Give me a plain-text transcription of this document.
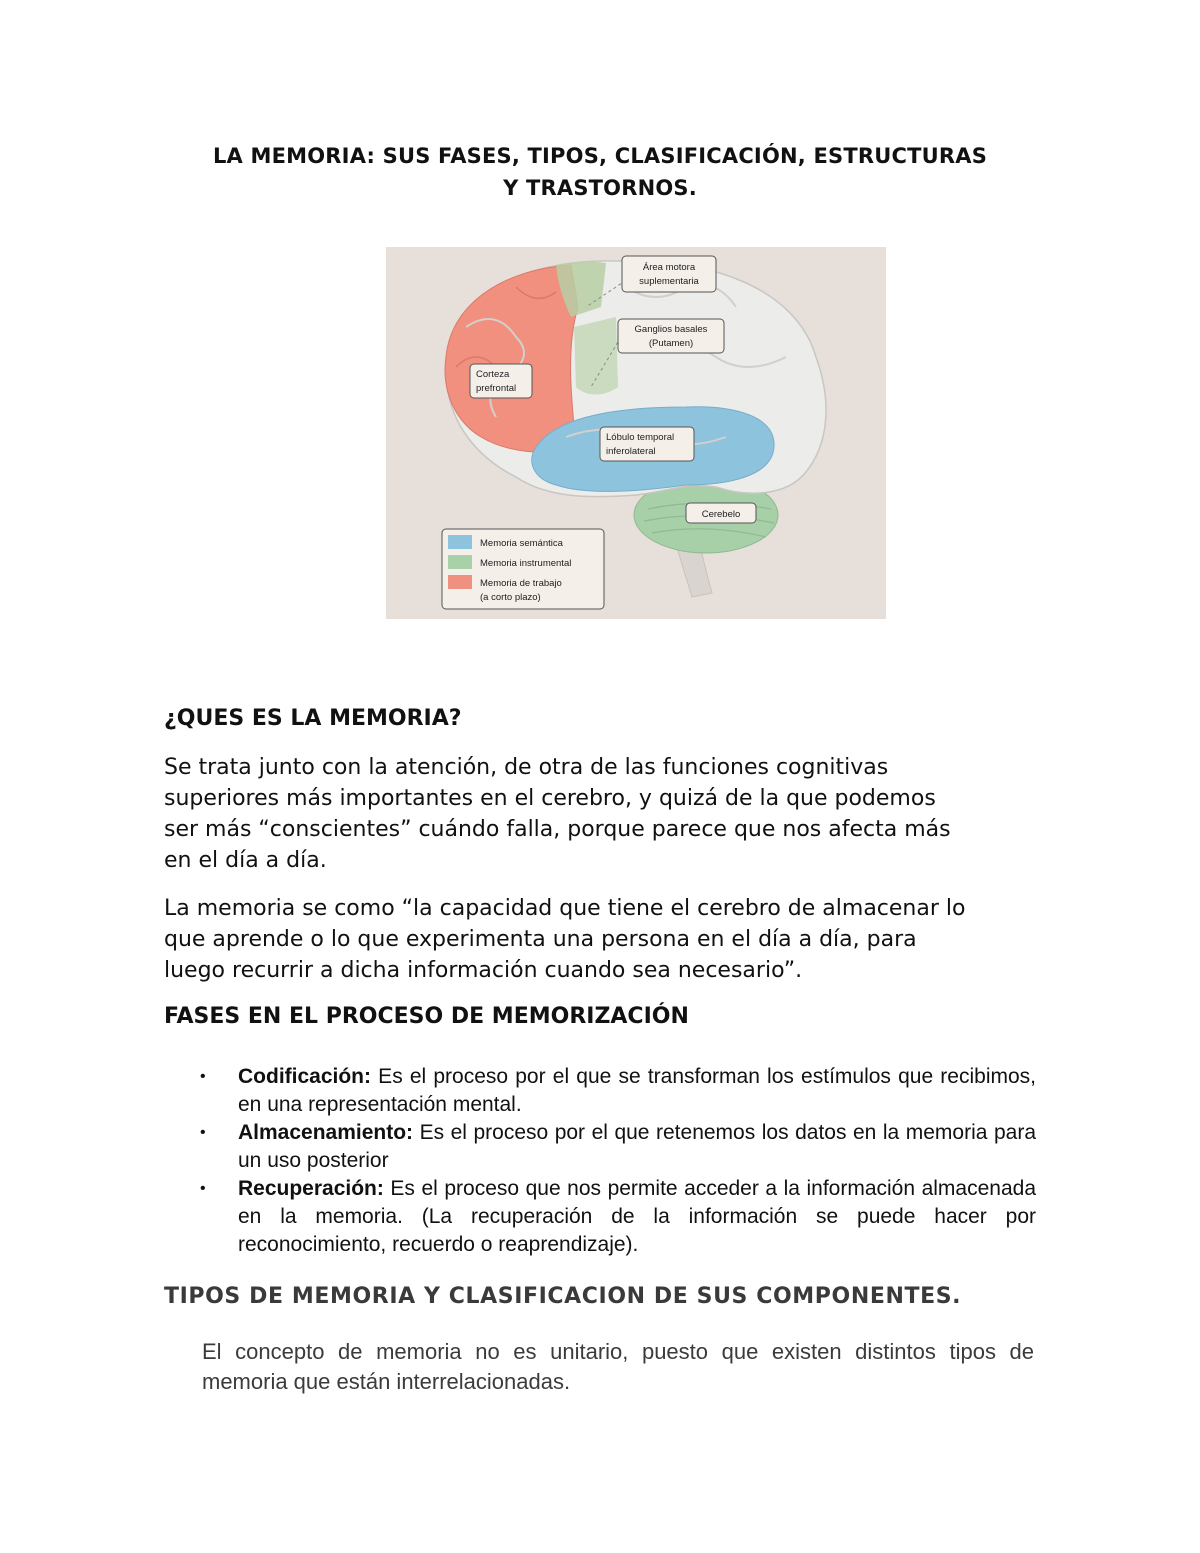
LA MEMORIA: SUS FASES, TIPOS, CLASIFICACIÓN, ESTRUCTURAS
Y TRASTORNOS.
Área motora
suplementaria
Ganglios basales
(Putamen)
Corteza
prefrontal
Lóbulo temporal
inferolateral
Cerebelo
Memoria semántica
Memoria instrumental
Memoria de trabajo
(a corto plazo)
¿QUES ES LA MEMORIA?
Se trata junto con la atención, de otra de las funciones cognitivas
superiores más importantes en el cerebro, y quizá de la que podemos
ser más “conscientes” cuándo falla, porque parece que nos afecta más
en el día a día.
La memoria se como “la capacidad que tiene el cerebro de almacenar lo
que aprende o lo que experimenta una persona en el día a día, para
luego recurrir a dicha información cuando sea necesario”.
FASES EN EL PROCESO DE MEMORIZACIÓN
• Codificación: Es el proceso por el que se transforman los estímulos que recibimos, en una representación mental.
• Almacenamiento: Es el proceso por el que retenemos los datos en la memoria para un uso posterior
• Recuperación: Es el proceso que nos permite acceder a la información almacenada en la memoria. (La recuperación de la información se puede hacer por reconocimiento, recuerdo o reaprendizaje).
TIPOS DE MEMORIA Y CLASIFICACION DE SUS COMPONENTES.
El concepto de memoria no es unitario, puesto que existen distintos tipos de memoria que están interrelacionadas.
